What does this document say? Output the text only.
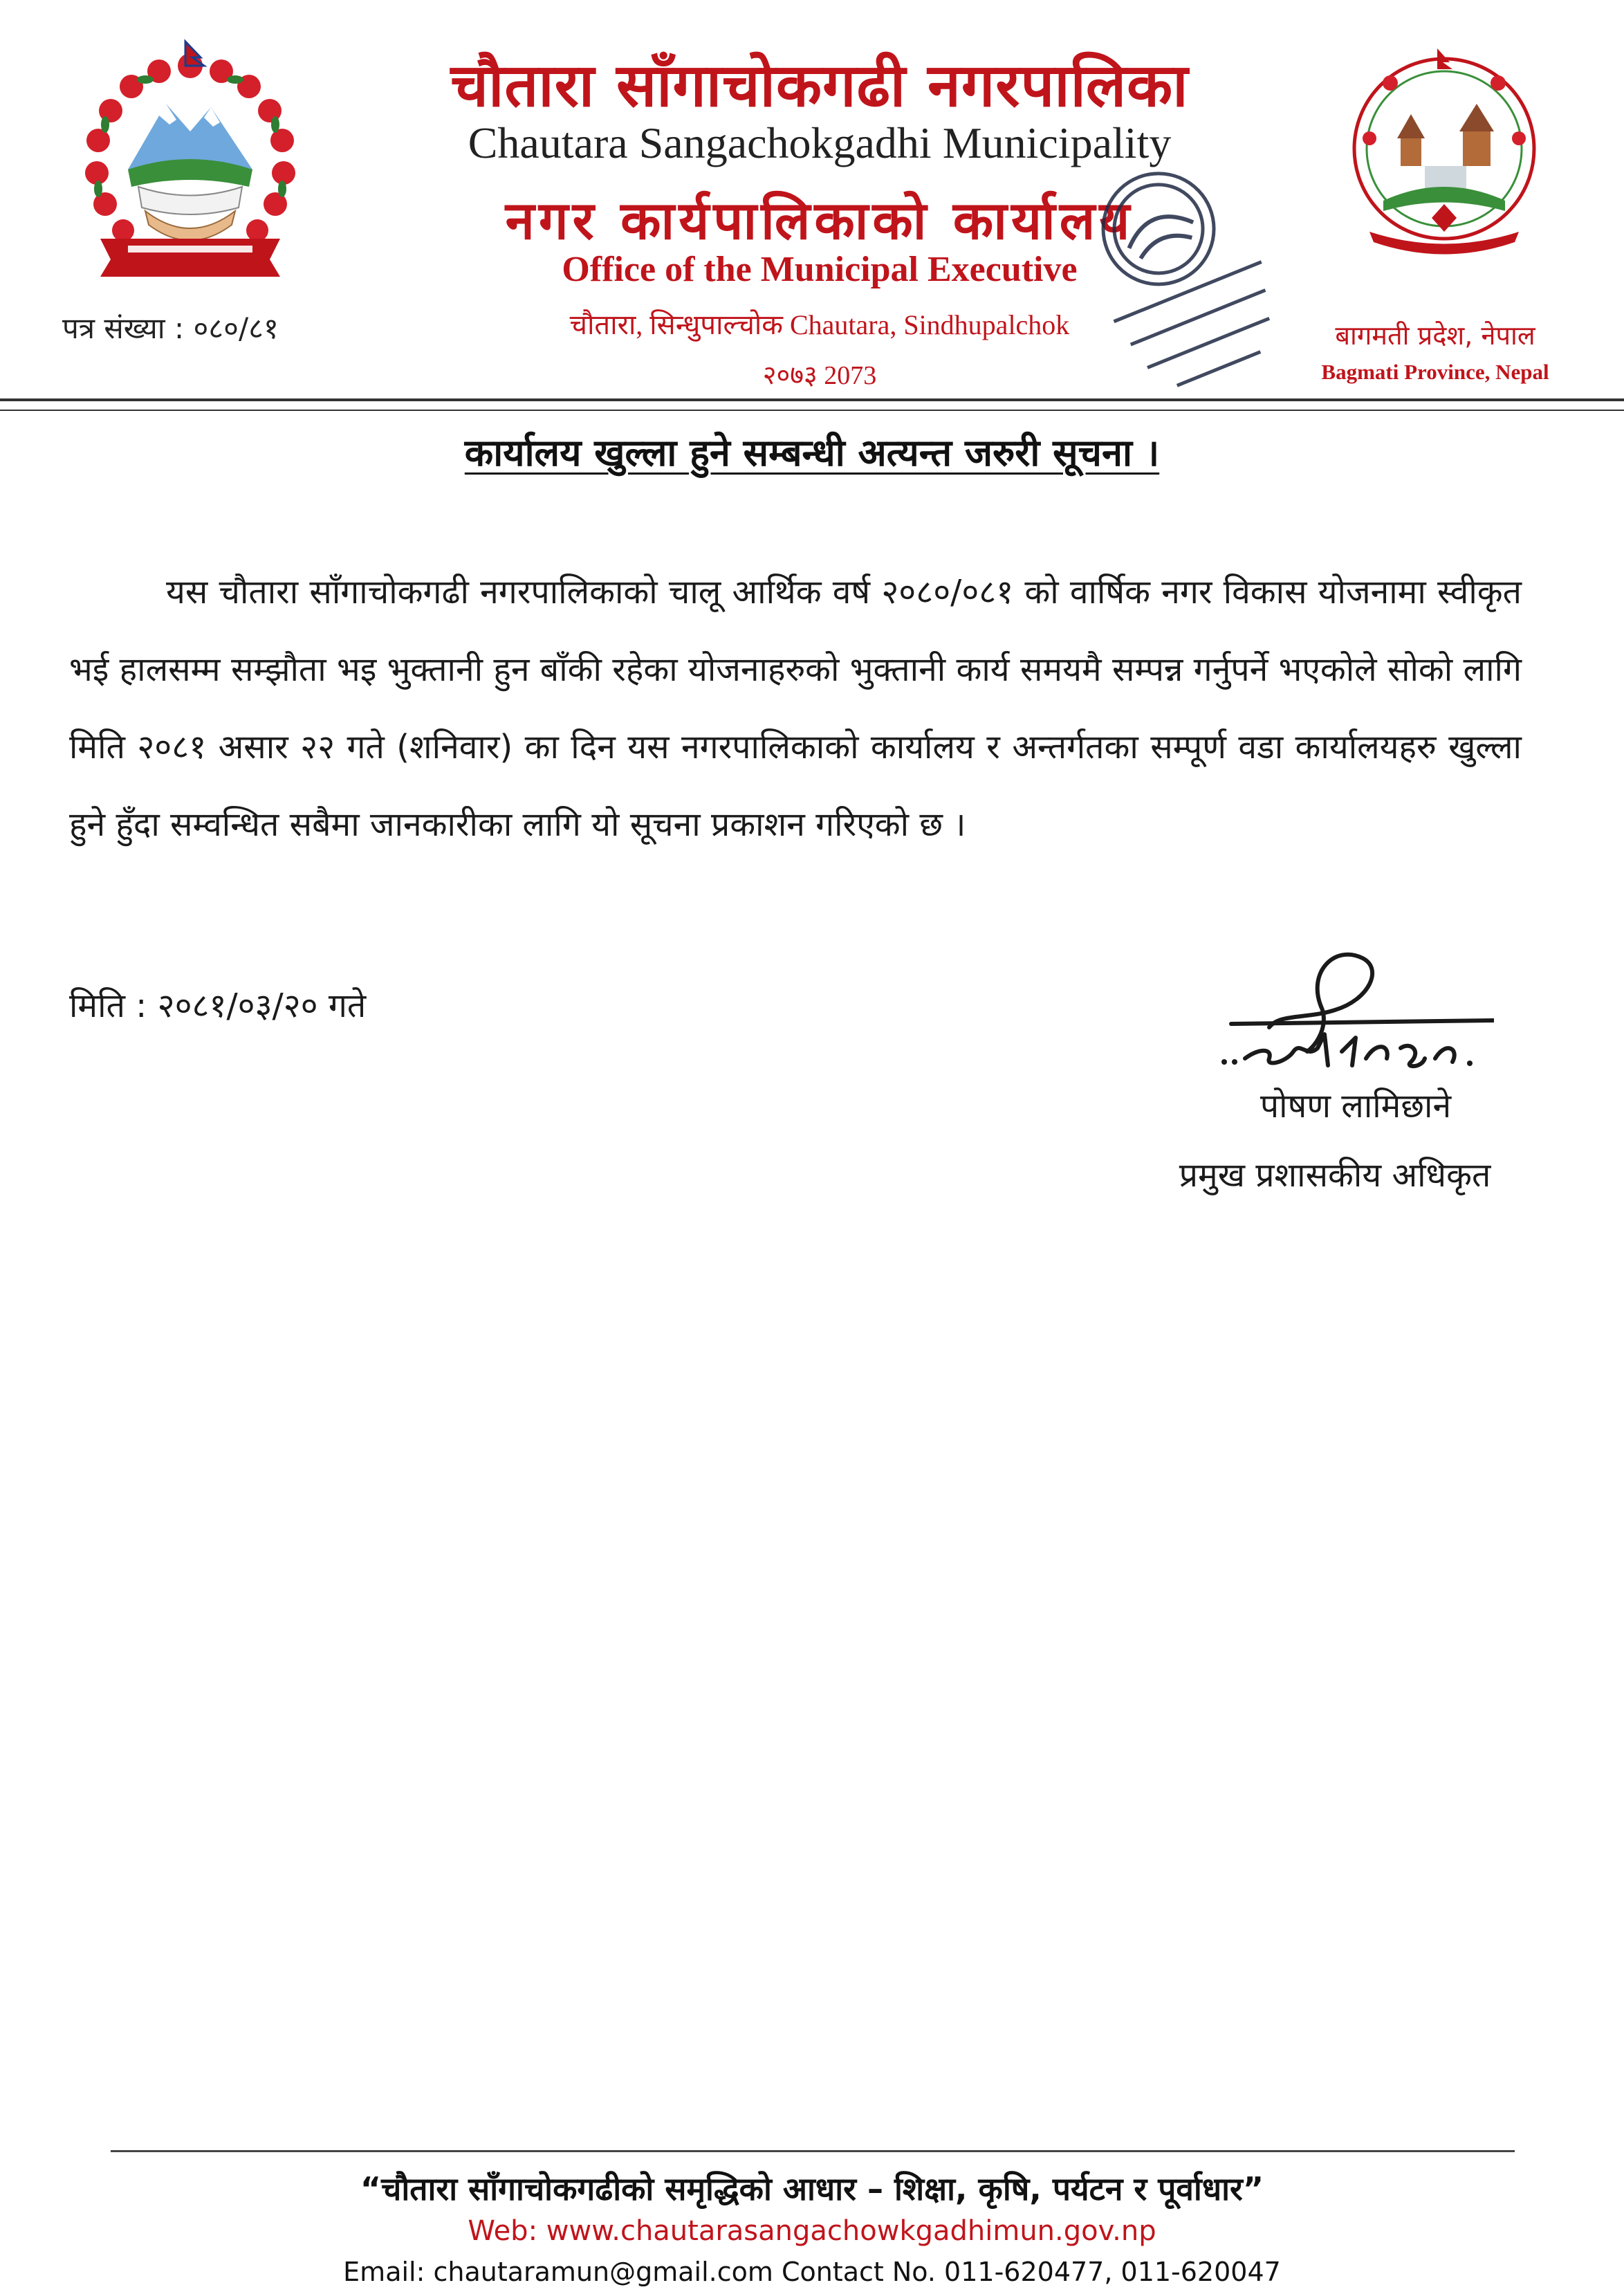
चौतारा साँगाचोकगढी नगरपालिका
Chautara Sangachokgadhi Municipality
नगर कार्यपालिकाको कार्यालय
Office of the Municipal Executive
चौतारा, सिन्धुपाल्चोक Chautara, Sindhupalchok
२०७३ 2073
पत्र संख्या : ०८०/८१	बागमती प्रदेश, नेपाल
Bagmati Province, Nepal
कार्यालय खुल्ला हुने सम्बन्धी अत्यन्त जरुरी सूचना ।
यस चौतारा साँगाचोकगढी नगरपालिकाको चालू आर्थिक वर्ष २०८०/०८१ को वार्षिक नगर विकास योजनामा स्वीकृत भई हालसम्म सम्झौता भइ भुक्तानी हुन बाँकी रहेका योजनाहरुको भुक्तानी कार्य समयमै सम्पन्न गर्नुपर्ने भएकोले सोको लागि मिति २०८१ असार २२ गते (शनिवार) का दिन यस नगरपालिकाको कार्यालय र अन्तर्गतका सम्पूर्ण वडा कार्यालयहरु खुल्ला हुने हुँदा सम्वन्धित सबैमा जानकारीका लागि यो सूचना प्रकाशन गरिएको छ ।
मिति : २०८१/०३/२० गते
पोषण लामिछाने
प्रमुख प्रशासकीय अधिकृत
“चौतारा साँगाचोकगढीको समृद्धिको आधार – शिक्षा, कृषि, पर्यटन र पूर्वाधार”
Web: www.chautarasangachowkgadhimun.gov.np
Email: chautaramun@gmail.com Contact No. 011-620477, 011-620047
